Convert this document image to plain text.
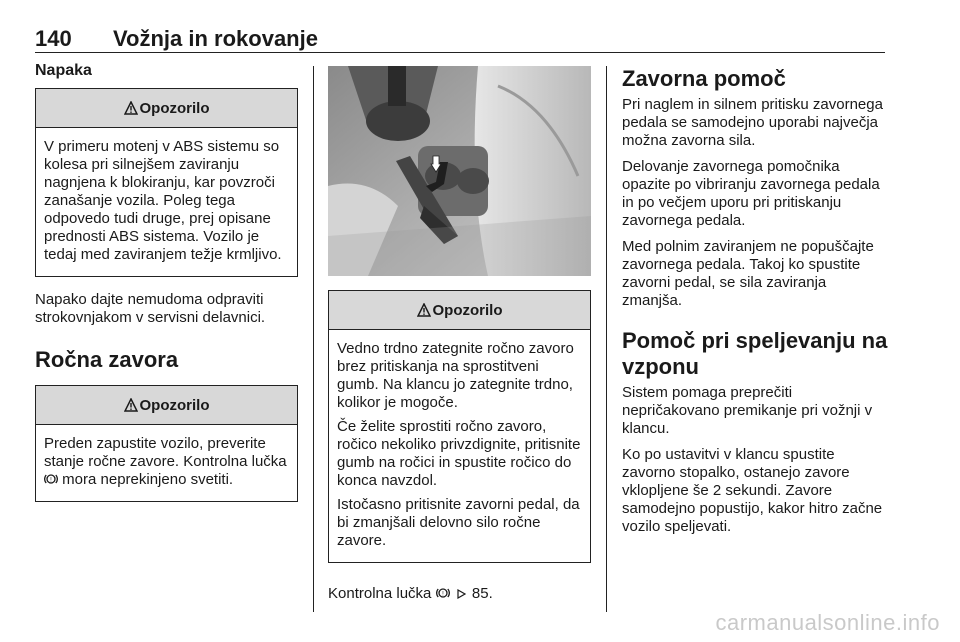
140 Vožnja in rokovanje
Napaka
Opozorilo
V primeru motenj v ABS sistemu so kolesa pri silnejšem zaviranju nagnjena k blokiranju, kar povzroči zanašanje vozila. Poleg tega odpovedo tudi druge, prej opisane prednosti ABS sistema. Vozilo je tedaj med zaviranjem težje krmljivo.
Napako dajte nemudoma odpraviti strokovnjakom v servisni delavnici.
Ročna zavora
Opozorilo
Preden zapustite vozilo, preverite stanje ročne zavore. Kontrolna lučka
! mora neprekinjeno svetiti.
Opozorilo
Vedno trdno zategnite ročno zavoro brez pritiskanja na sprostitveni gumb. Na klancu jo zategnite trdno, kolikor je mogoče.
Če želite sprostiti ročno zavoro, ročico nekoliko privzdignite, pritisnite gumb na ročici in spustite ročico do konca navzdol.
Istočasno pritisnite zavorni pedal, da bi zmanjšali delovno silo ročne zavore.
Kontrolna lučka ! 85.
Zavorna pomoč
Pri naglem in silnem pritisku zavornega pedala se samodejno uporabi največja možna zavorna sila.
Delovanje zavornega pomočnika opazite po vibriranju zavornega pedala in po večjem uporu pri pritiskanju zavornega pedala.
Med polnim zaviranjem ne popuščajte zavornega pedala. Takoj ko spustite zavorni pedal, se sila zaviranja zmanjša.
Pomoč pri speljevanju na vzponu
Sistem pomaga preprečiti nepričakovano premikanje pri vožnji v klancu.
Ko po ustavitvi v klancu spustite zavorno stopalko, ostanejo zavore vklopljene še 2 sekundi. Zavore samodejno popustijo, kakor hitro začne vozilo speljevati.
carmanualsonline.info
